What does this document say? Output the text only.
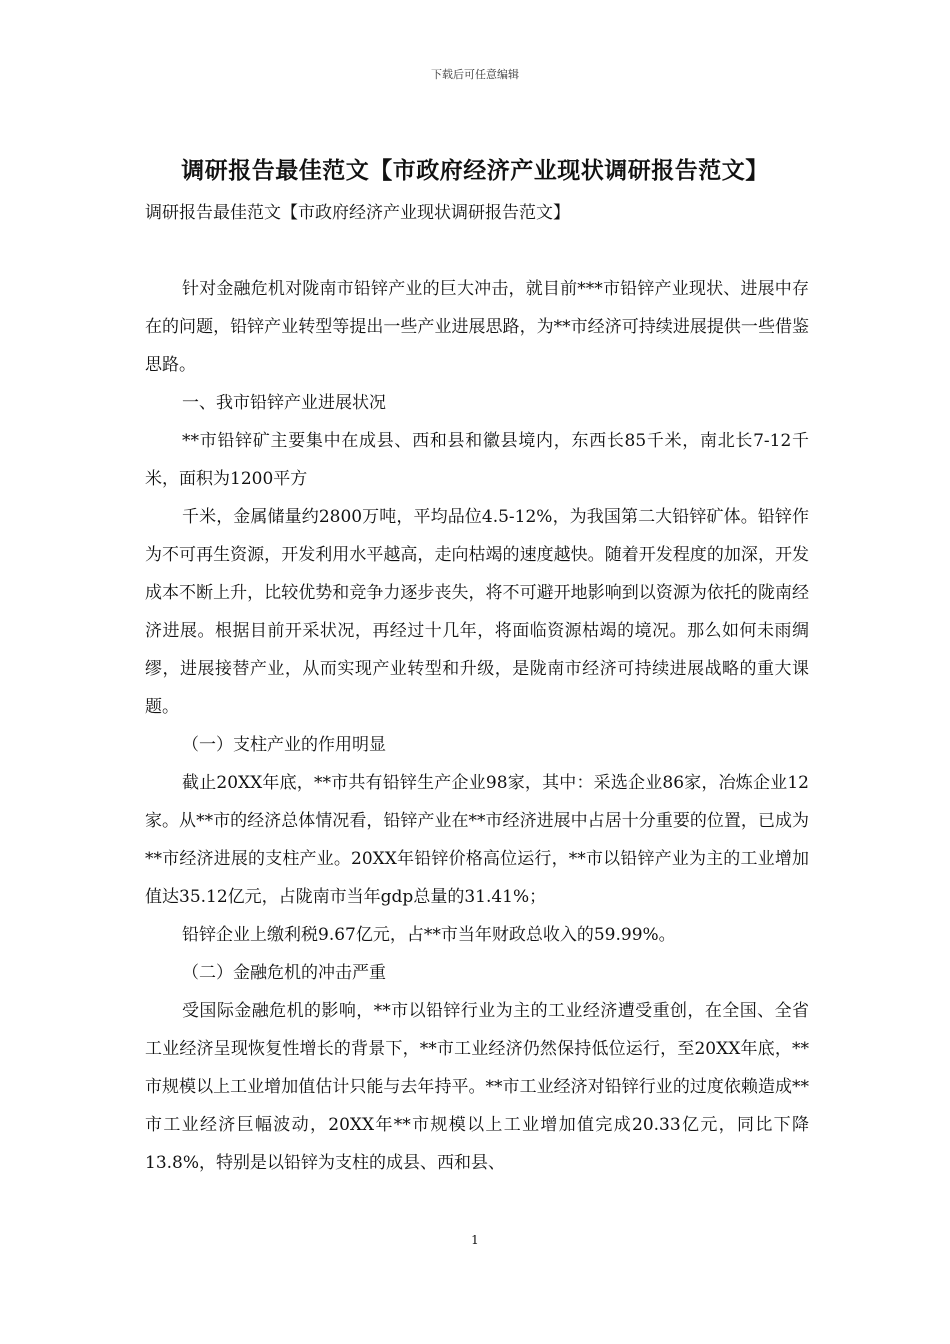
下载后可任意编辑
调研报告最佳范文【市政府经济产业现状调研报告范文】

调研报告最佳范文【市政府经济产业现状调研报告范文】

针对金融危机对陇南市铅锌产业的巨大冲击，就目前***市铅锌产业现状、进展中存在的问题，铅锌产业转型等提出一些产业进展思路，为**市经济可持续进展提供一些借鉴思路。

一、我市铅锌产业进展状况

**市铅锌矿主要集中在成县、西和县和徽县境内，东西长85千米，南北长7-12千米，面积为1200平方

千米，金属储量约2800万吨，平均品位4.5-12%，为我国第二大铅锌矿体。铅锌作为不可再生资源，开发利用水平越高，走向枯竭的速度越快。随着开发程度的加深，开发成本不断上升，比较优势和竞争力逐步丧失，将不可避开地影响到以资源为依托的陇南经济进展。根据目前开采状况，再经过十几年，将面临资源枯竭的境况。那么如何未雨绸缪，进展接替产业，从而实现产业转型和升级，是陇南市经济可持续进展战略的重大课题。

（一）支柱产业的作用明显

截止20XX年底，**市共有铅锌生产企业98家，其中：采选企业86家，冶炼企业12家。从**市的经济总体情况看，铅锌产业在**市经济进展中占居十分重要的位置，已成为**市经济进展的支柱产业。20XX年铅锌价格高位运行，**市以铅锌产业为主的工业增加值达35.12亿元，占陇南市当年gdp总量的31.41%；

铅锌企业上缴利税9.67亿元，占**市当年财政总收入的59.99%。

（二）金融危机的冲击严重

受国际金融危机的影响，**市以铅锌行业为主的工业经济遭受重创，在全国、全省工业经济呈现恢复性增长的背景下，**市工业经济仍然保持低位运行，至20XX年底，**市规模以上工业增加值估计只能与去年持平。**市工业经济对铅锌行业的过度依赖造成**市工业经济巨幅波动，20XX年**市规模以上工业增加值完成20.33亿元，同比下降13.8%，特别是以铅锌为支柱的成县、西和县、

1
